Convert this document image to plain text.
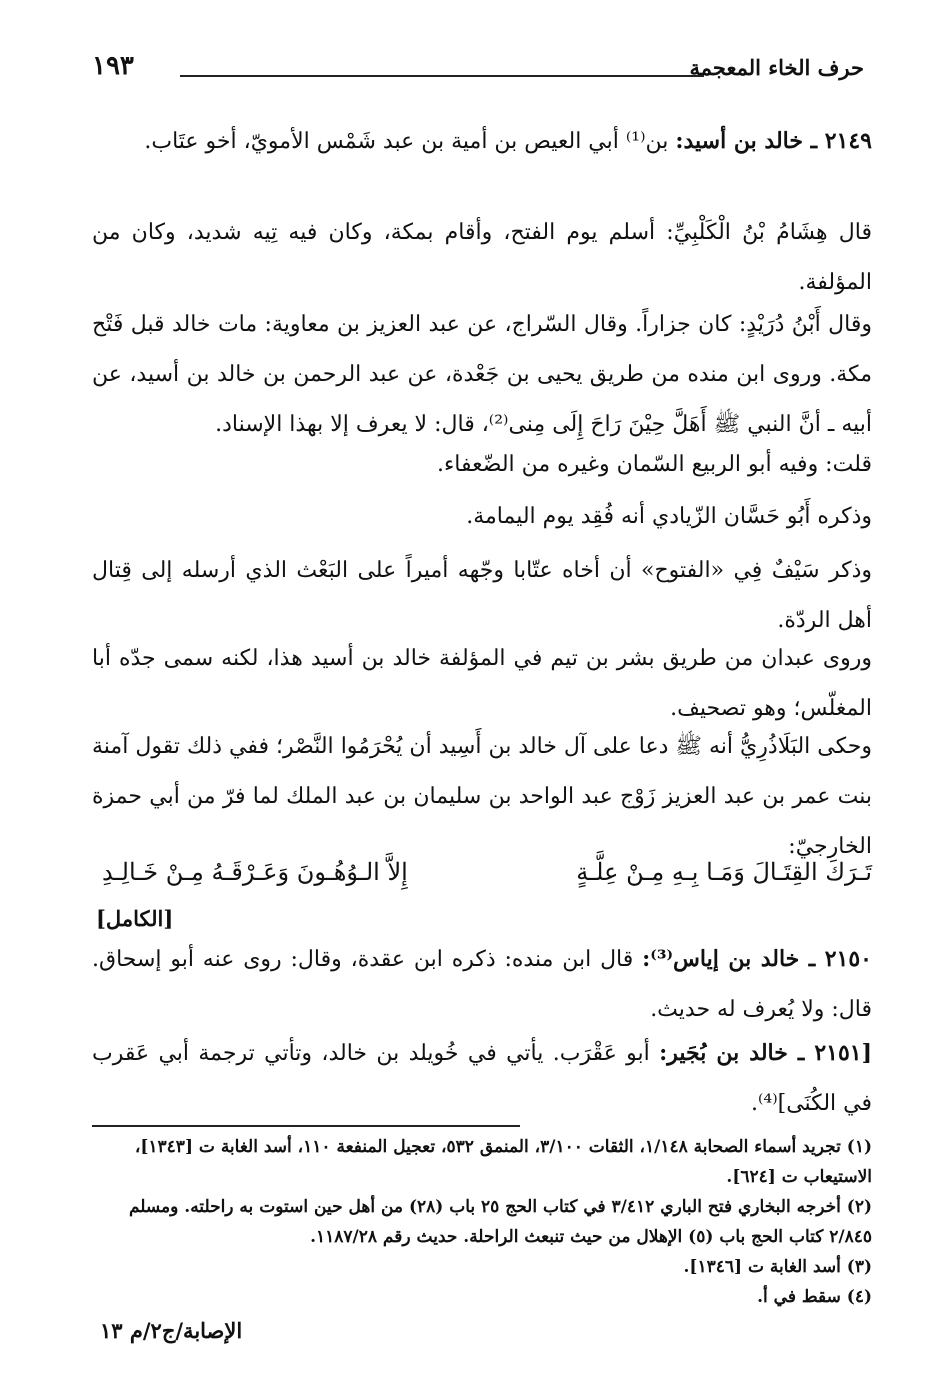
حرف الخاء المعجمة
١٩٣

٢١٤٩ ـ خالد بن أسيد: بن⁽¹⁾ أبي العيص بن أمية بن عبد شَمْس الأمويّ، أخو عتَاب.

قال هِشَامُ بْنُ الْكَلْبِيِّ: أسلم يوم الفتح، وأقام بمكة، وكان فيه تِيه شديد، وكان من المؤلفة.

وقال أَبْنُ دُرَيْدٍ: كان جزاراً. وقال السّراج، عن عبد العزيز بن معاوية: مات خالد قبل فَتْح مكة. وروى ابن منده من طريق يحيى بن جَعْدة، عن عبد الرحمن بن خالد بن أسيد، عن أبيه ـ أنَّ النبي ﷺ أَهَلَّ حِيْنَ رَاحَ إِلَى مِنى⁽²⁾، قال: لا يعرف إلا بهذا الإسناد.

قلت: وفيه أبو الربيع السّمان وغيره من الضّعفاء.

وذكره أَبُو حَسَّان الزّيادي أنه فُقِد يوم اليمامة.

وذكر سَيْفٌ فِي «الفتوح» أن أخاه عتّابا وجّهه أميراً على البَعْث الذي أرسله إلى قِتال أهل الردّة.

وروى عبدان من طريق بشر بن تيم في المؤلفة خالد بن أسيد هذا، لكنه سمى جدّه أبا المغلّس؛ وهو تصحيف.

وحكى البَلَاذُرِيُّ أنه ﷺ دعا على آل خالد بن أَسِيد أن يُحْرَمُوا النَّصْر؛ ففي ذلك تقول آمنة بنت عمر بن عبد العزيز زَوْج عبد الواحد بن سليمان بن عبد الملك لما فرّ من أبي حمزة الخارجيّ:

تَـرَكَ القِتَـالَ وَمَـا بِـهِ مِـنْ عِلَّـةٍ
إِلاَّ الـوُهُـونَ وَعَـرْقَـهُ مِـنْ خَـالِـدِ
[الكامل]

٢١٥٠ ـ خالد بن إياس⁽³⁾: قال ابن منده: ذكره ابن عقدة، وقال: روى عنه أبو إسحاق. قال: ولا يُعرف له حديث.

[٢١٥١ ـ خالد بن بُجَير: أبو عَقْرَب. يأتي في خُويلد بن خالد، وتأتي ترجمة أبي عَقرب في الكُنَى]⁽⁴⁾.

(١) تجريد أسماء الصحابة ١/١٤٨، الثقات ٣/١٠٠، المنمق ٥٣٢، تعجيل المنفعة ١١٠، أسد الغابة ت [١٣٤٣]، الاستيعاب ت [٦٢٤].

(٢) أخرجه البخاري فتح الباري ٣/٤١٢ في كتاب الحج ٢٥ باب (٢٨) من أهل حين استوت به راحلته. ومسلم ٢/٨٤٥ كتاب الحج باب (٥) الإهلال من حيث تنبعث الراحلة. حديث رقم ١١٨٧/٢٨.

(٣) أسد الغابة ت [١٣٤٦].

(٤) سقط في أ.

الإصابة/ج٢/م ١٣
